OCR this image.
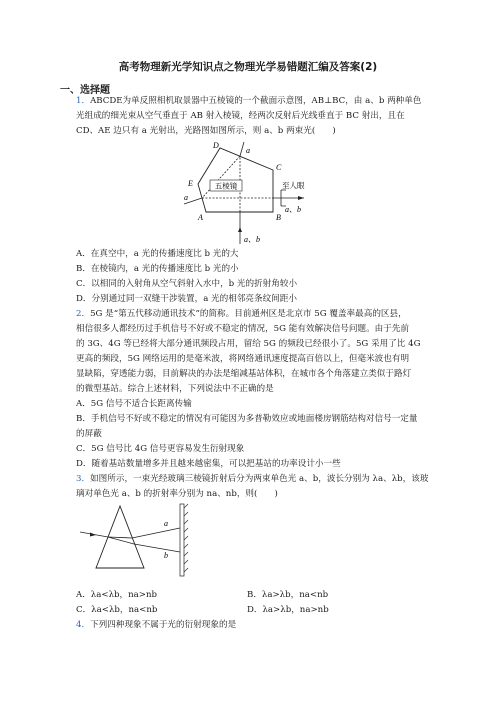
高考物理新光学知识点之物理光学易错题汇编及答案(2)
一、选择题
1．ABCDE为单反照相机取景器中五棱镜的一个截面示意图，AB⊥BC，由 a、b 两种单色
光组成的细光束从空气垂直于 AB 射入棱镜，经两次反射后光线垂直于 BC 射出，且在
CD、AE 边只有 a 光射出，光路图如图所示，则 a、b 两束光(　　)
五棱镜	至人眼
D
C
E
A	B
a
a
a、b
a、b
A．在真空中，a 光的传播速度比 b 光的大
B．在棱镜内，a 光的传播速度比 b 光的小
C．以相同的入射角从空气斜射入水中，b 光的折射角较小
D．分别通过同一双缝干涉装置，a 光的相邻亮条纹间距小
2．5G 是“第五代移动通讯技术”的简称。目前通州区是北京市 5G 覆盖率最高的区县，
相信很多人都经历过手机信号不好或不稳定的情况，5G 能有效解决信号问题。由于先前
的 3G、4G 等已经将大部分通讯频段占用，留给 5G 的频段已经很小了。5G 采用了比 4G
更高的频段，5G 网络运用的是毫米波，将网络通讯速度提高百倍以上，但毫米波也有明
显缺陷，穿透能力弱，目前解决的办法是缩减基站体积，在城市各个角落建立类似于路灯
的微型基站。综合上述材料，下列说法中不正确的是
A．5G 信号不适合长距离传输
B．手机信号不好或不稳定的情况有可能因为多普勒效应或地面楼房钢筋结构对信号一定量
的屏蔽
C．5G 信号比 4G 信号更容易发生衍射现象
D．随着基站数量增多并且越来越密集，可以把基站的功率设计小一些
3．如图所示，一束光经玻璃三棱镜折射后分为两束单色光 a、b，波长分别为 λa、λb，该玻
璃对单色光 a、b 的折射率分别为 na、nb，则(　　)
a
b
A．λa<λb，na>nb	B．λa>λb，na<nb
C．λa<λb，na<nb	D．λa>λb，na>nb
4．下列四种现象不属于光的衍射现象的是
